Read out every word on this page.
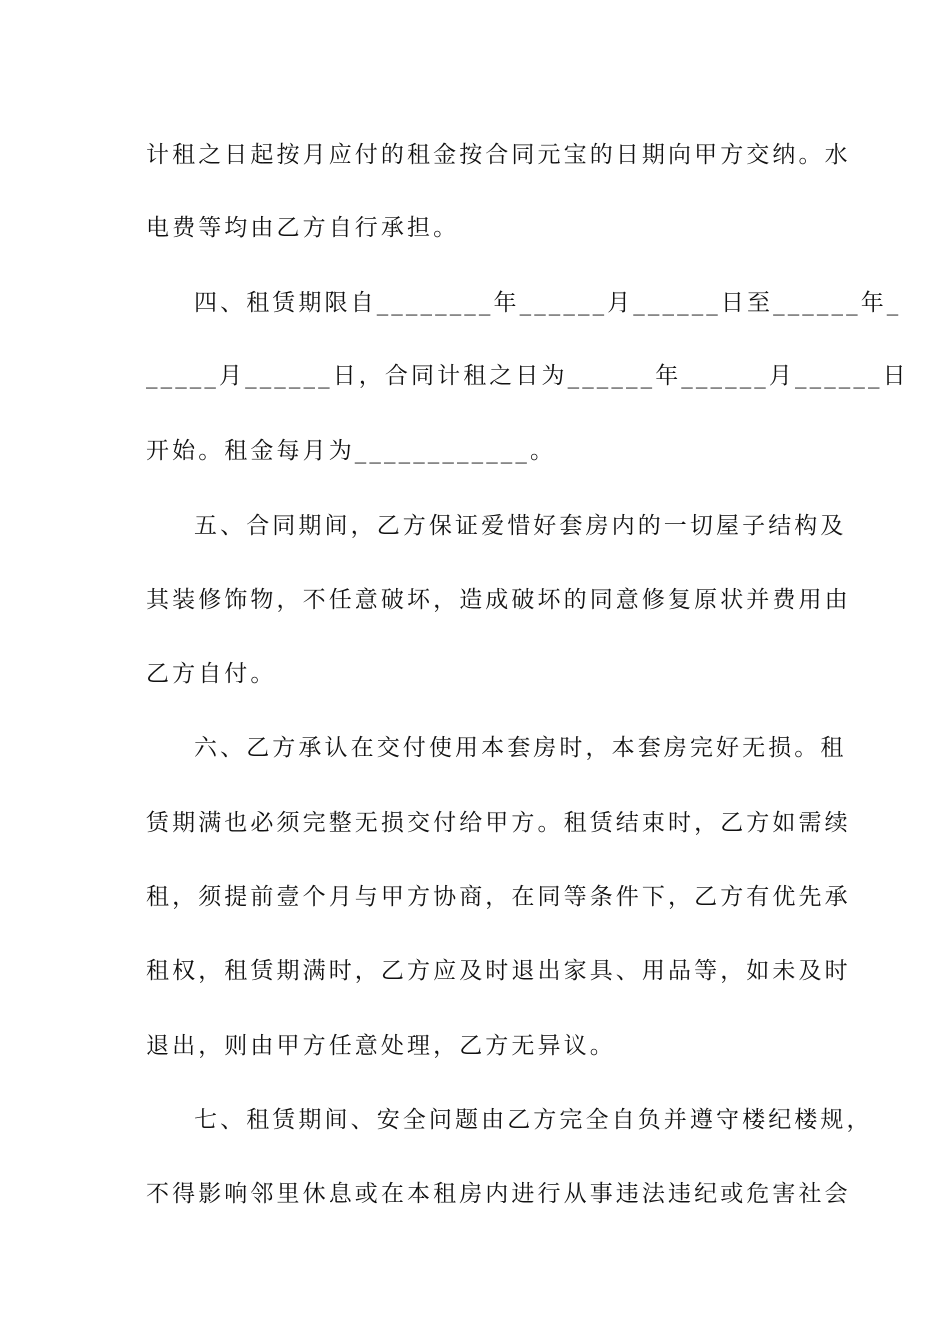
计租之日起按月应付的租金按合同元宝的日期向甲方交纳。水
电费等均由乙方自行承担。
四、租赁期限自________年______月______日至______年_
_____月______日，合同计租之日为______年______月______日
开始。租金每月为____________。
五、合同期间，乙方保证爱惜好套房内的一切屋子结构及
其装修饰物，不任意破坏，造成破坏的同意修复原状并费用由
乙方自付。
六、乙方承认在交付使用本套房时，本套房完好无损。租
赁期满也必须完整无损交付给甲方。租赁结束时，乙方如需续
租，须提前壹个月与甲方协商，在同等条件下，乙方有优先承
租权，租赁期满时，乙方应及时退出家具、用品等，如未及时
退出，则由甲方任意处理，乙方无异议。
七、租赁期间、安全问题由乙方完全自负并遵守楼纪楼规，
不得影响邻里休息或在本租房内进行从事违法违纪或危害社会
